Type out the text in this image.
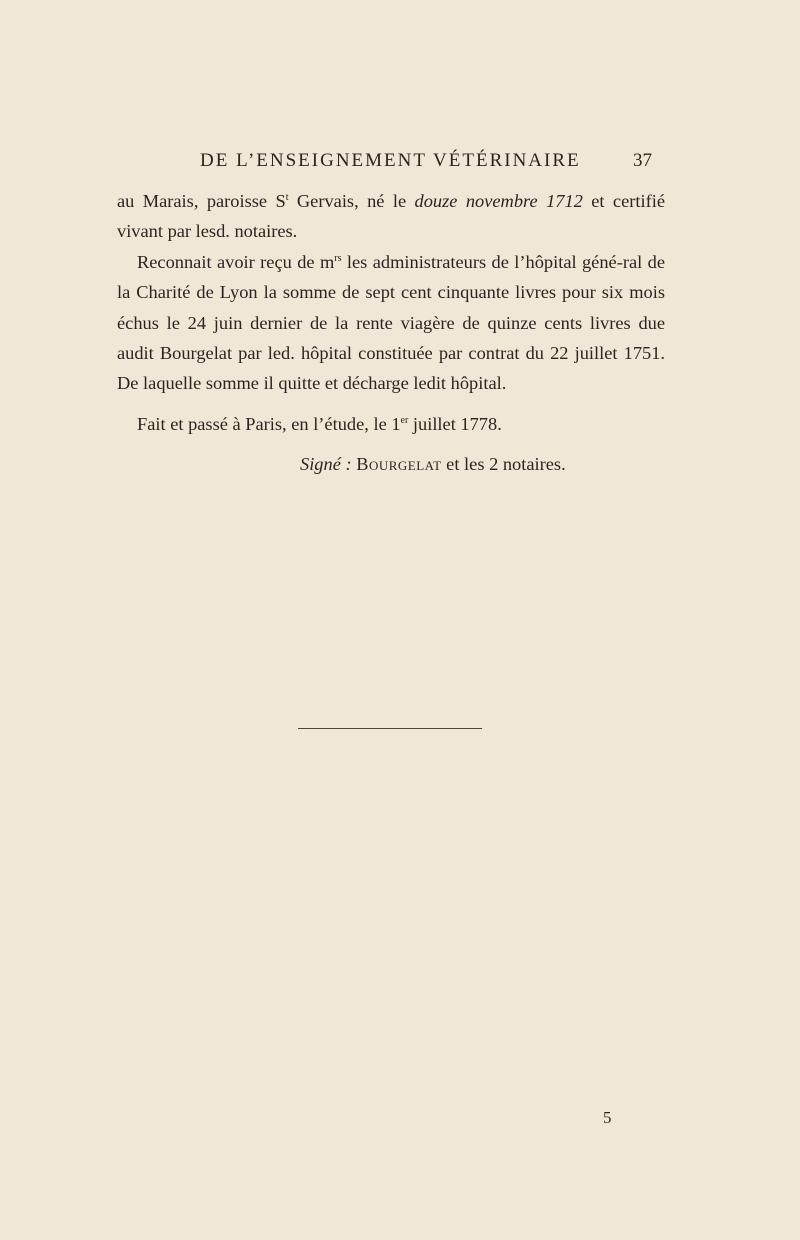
DE L’ENSEIGNEMENT VÉTÉRINAIRE	37

au Marais, paroisse $S^t$ Gervais, né le douze novembre 1712 et certifié vivant par lesd. notaires.

Reconnait avoir reçu de $m^{rs}$ les administrateurs de l’hôpital géné-ral de la Charité de Lyon la somme de sept cent cinquante livres pour six mois échus le 24 juin dernier de la rente viagère de quinze cents livres due audit Bourgelat par led. hôpital constituée par contrat du 22 juillet 1751. De laquelle somme il quitte et décharge ledit hôpital.

Fait et passé à Paris, en l’étude, le 1er juillet 1778.

Signé : Bourgelat et les 2 notaires.
5
